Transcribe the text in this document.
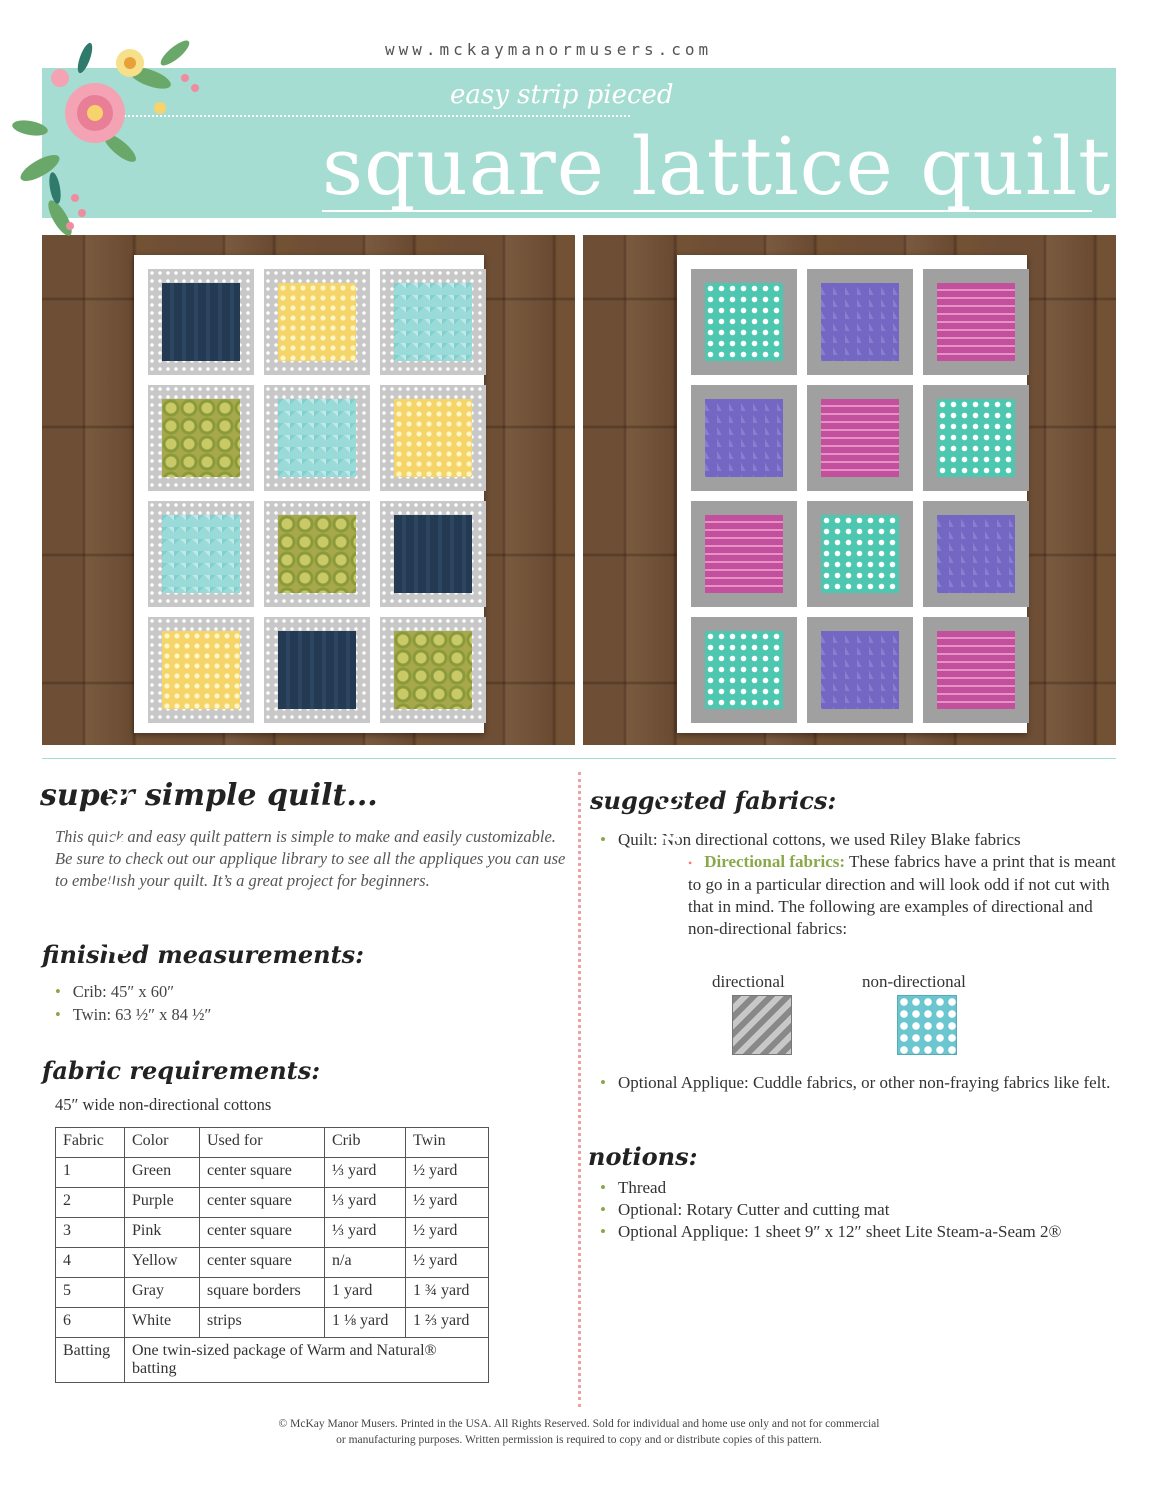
www.mckaymanormusers.com
easy strip pieced
square lattice quilt
twin size	crib size
super simple quilt...
This quick and easy quilt pattern is simple to make and easily customizable. Be sure to check out our applique library to see all the appliques you can use to embellish your quilt. It’s a great project for beginners.
finished measurements:
• Crib: 45″ x 60″
• Twin: 63 ½″ x 84 ½″
fabric requirements:
45″ wide non-directional cottons
Fabric	Color	Used for	Crib	Twin
1	Green	center square	⅓ yard	½ yard
2	Purple	center square	⅓ yard	½ yard
3	Pink	center square	⅓ yard	½ yard
4	Yellow	center square	n/a	½ yard
5	Gray	square borders	1 yard	1 ¾ yard
6	White	strips	1 ⅛ yard	1 ⅔ yard
Batting	One twin-sized package of Warm and Natural® batting			
suggested fabrics:
• Quilt: Non directional cottons, we used Riley Blake fabrics
• Directional fabrics: These fabrics have a print that is meant to go in a particular direction and will look odd if not cut with that in mind. The following are examples of directional and non-directional fabrics:
directional	non-directional
• Optional Applique: Cuddle fabrics, or other non-fraying fabrics like felt.
notions:
• Thread
• Optional: Rotary Cutter and cutting mat
• Optional Applique: 1 sheet 9″ x 12″ sheet Lite Steam-a-Seam 2®
© McKay Manor Musers. Printed in the USA. All Rights Reserved. Sold for individual and home use only and not for commercial
or manufacturing purposes. Written permission is required to copy and or distribute copies of this pattern.
